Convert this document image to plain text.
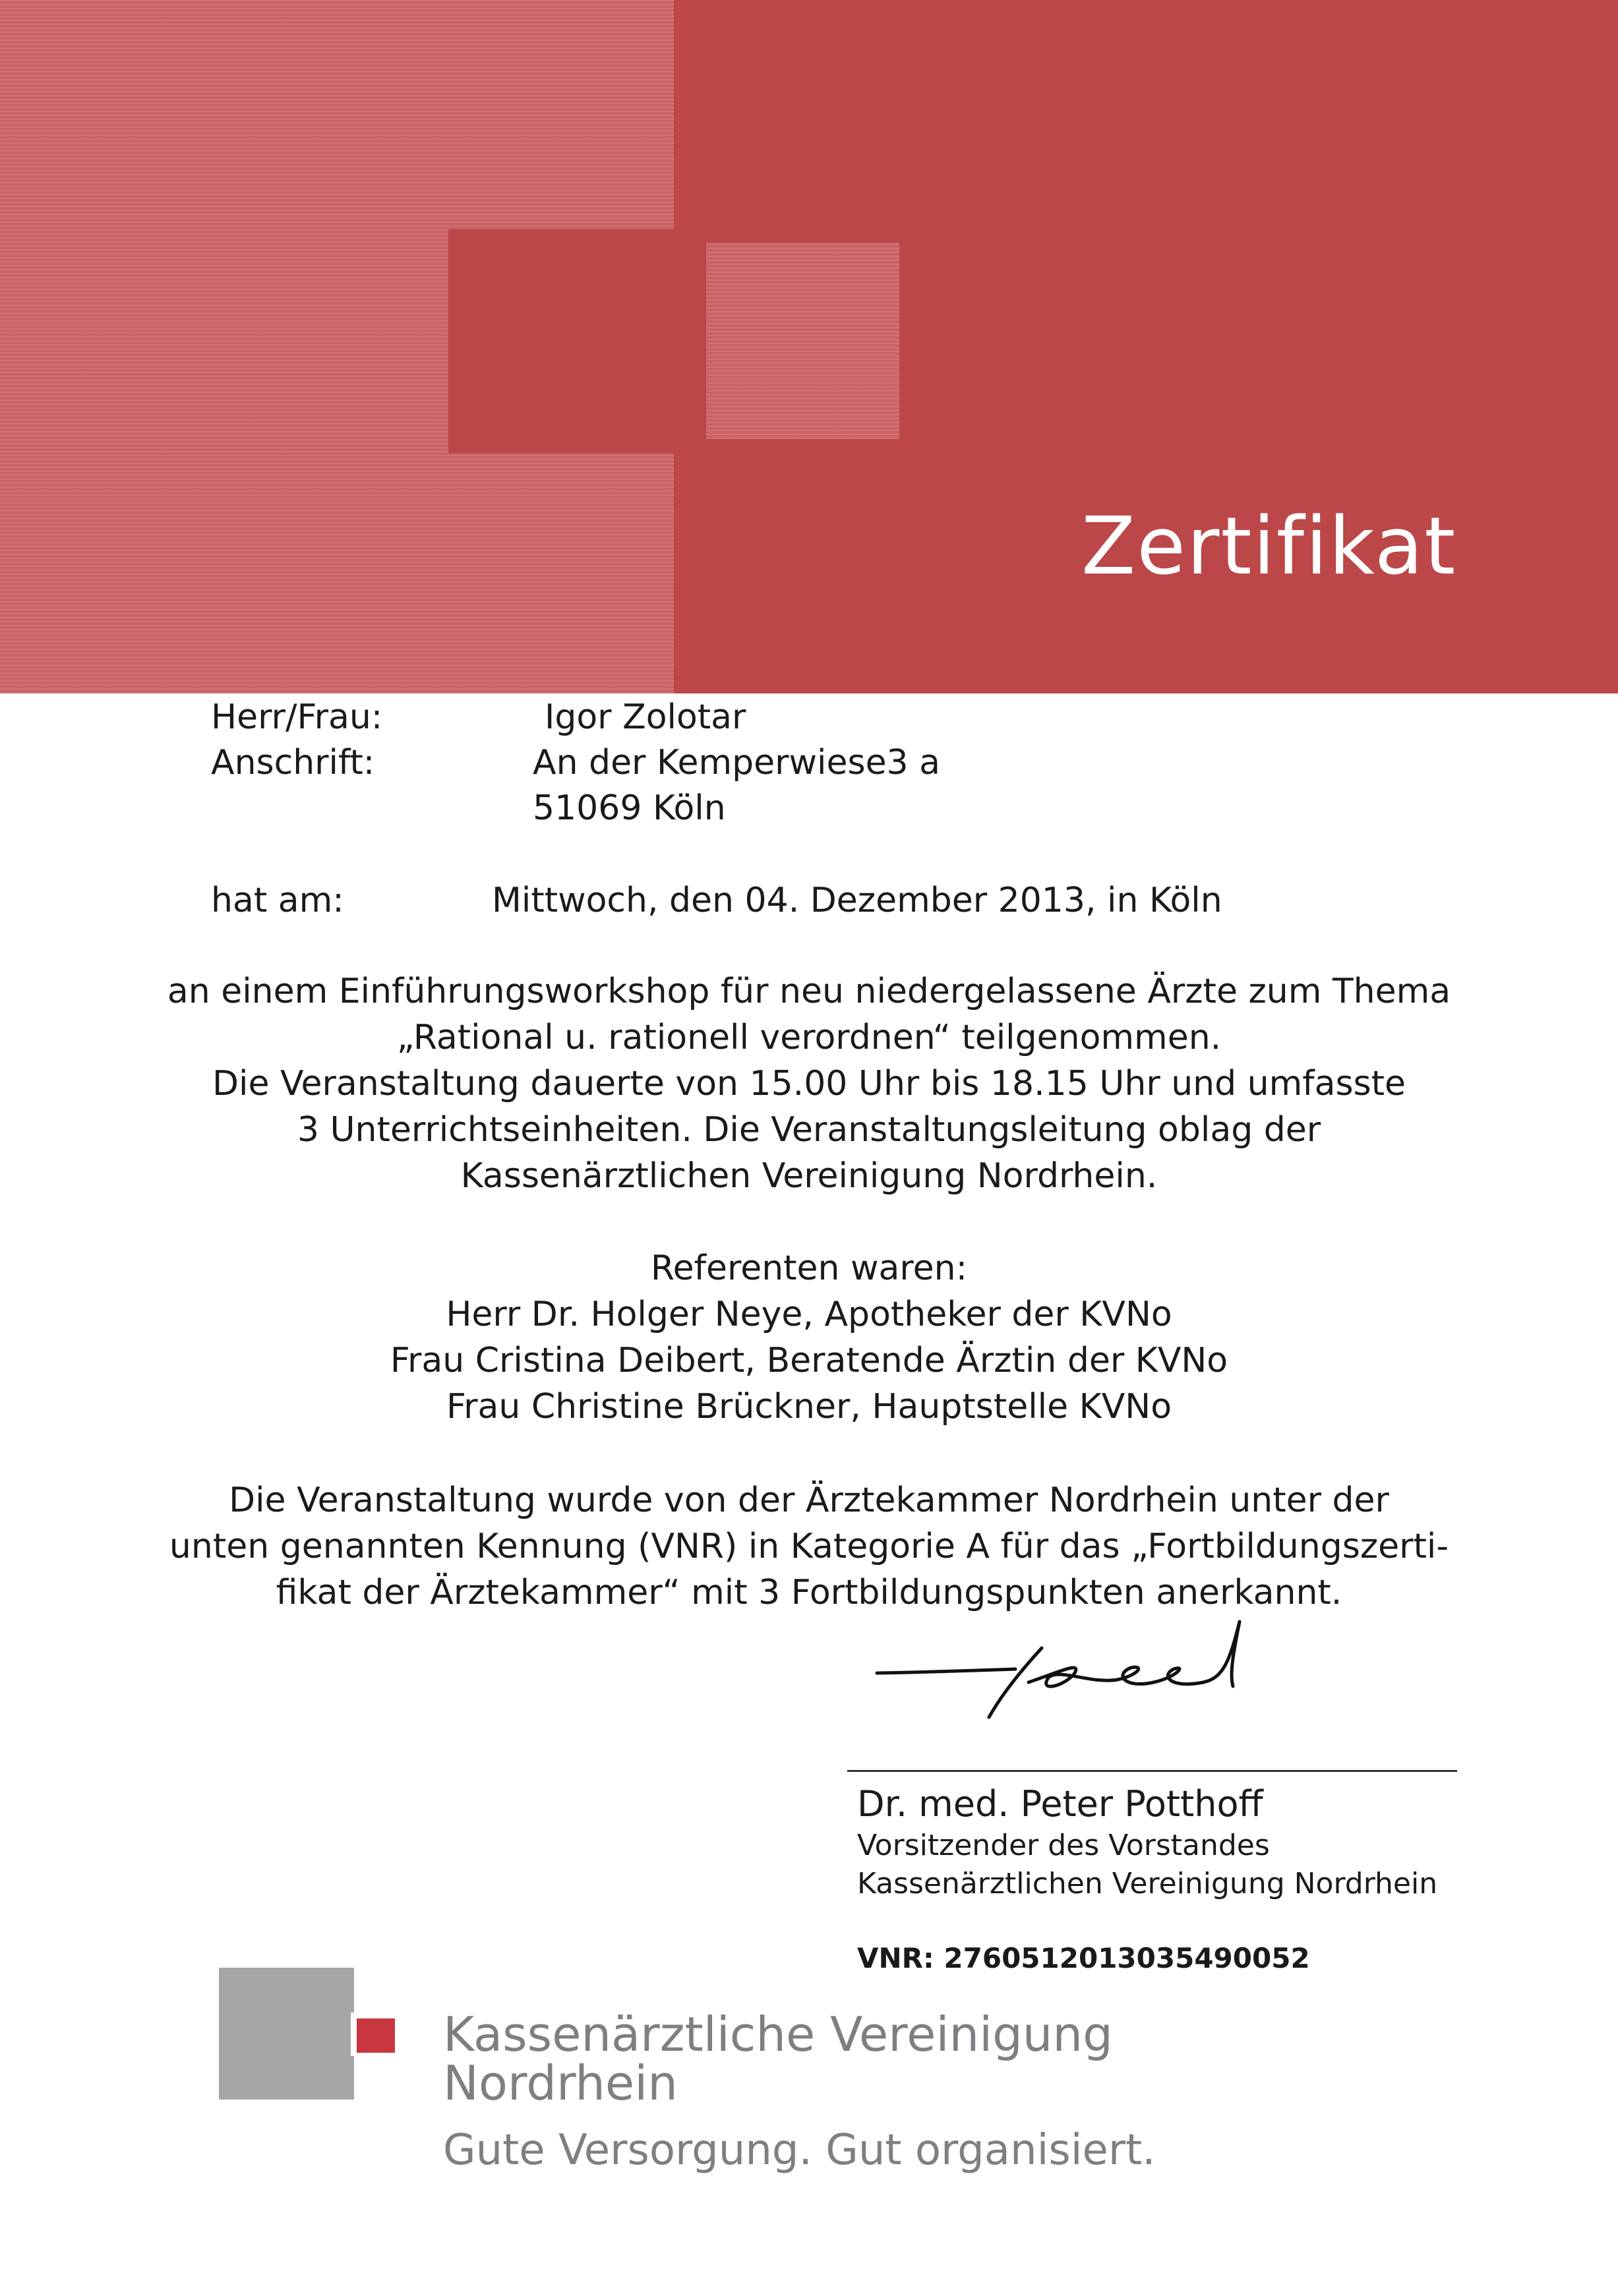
Zertifikat

Herr/Frau:	Igor Zolotar

Anschrift:	An der Kemperwiese3 a

51069 Köln

hat am:	Mittwoch, den 04. Dezember 2013, in Köln

an einem Einführungsworkshop für neu niedergelassene Ärzte zum Thema

„Rational u. rationell verordnen“ teilgenommen.

Die Veranstaltung dauerte von 15.00 Uhr bis 18.15 Uhr und umfasste

3 Unterrichtseinheiten. Die Veranstaltungsleitung oblag der

Kassenärztlichen Vereinigung Nordrhein.

Referenten waren:

Herr Dr. Holger Neye, Apotheker der KVNo

Frau Cristina Deibert, Beratende Ärztin der KVNo

Frau Christine Brückner, Hauptstelle KVNo

Die Veranstaltung wurde von der Ärztekammer Nordrhein unter der

unten genannten Kennung (VNR) in Kategorie A für das „Fortbildungszerti-

fikat der Ärztekammer“ mit 3 Fortbildungspunkten anerkannt.

Dr. med. Peter Potthoff

Vorsitzender des Vorstandes

Kassenärztlichen Vereinigung Nordrhein

VNR: 2760512013035490052

Kassenärztliche Vereinigung

Nordrhein

Gute Versorgung. Gut organisiert.
